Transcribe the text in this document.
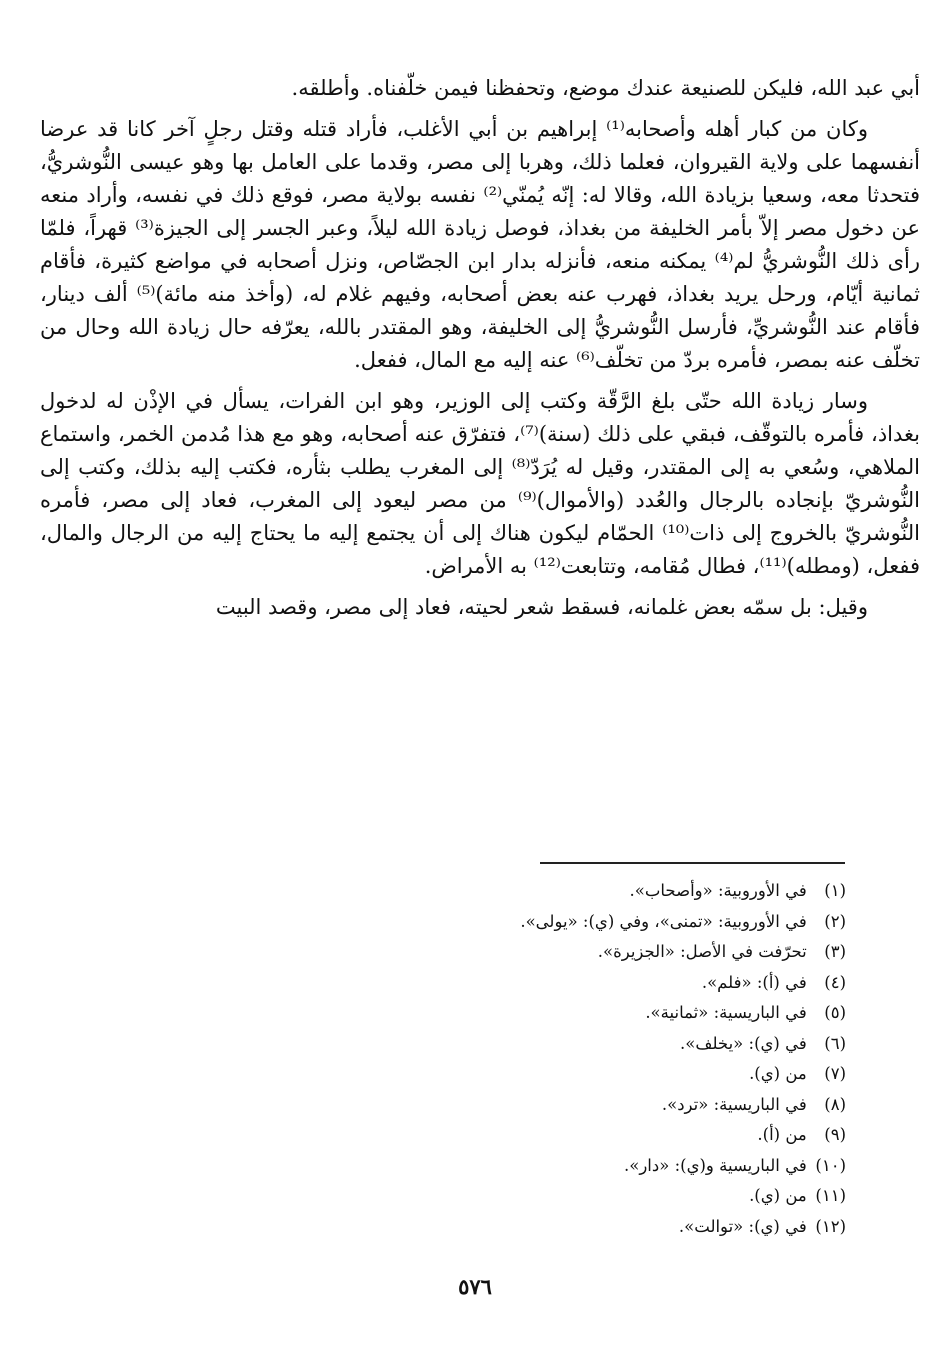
أبي عبد الله، فليكن للصنيعة عندك موضع، وتحفظنا فيمن خلّفناه. وأطلقه.

وكان من كبار أهله وأصحابه⁽¹⁾ إبراهيم بن أبي الأغلب، فأراد قتله وقتل رجلٍ آخر كانا قد عرضا أنفسهما على ولاية القيروان، فعلما ذلك، وهربا إلى مصر، وقدما على العامل بها وهو عيسى النُّوشريُّ، فتحدثا معه، وسعيا بزيادة الله، وقالا له: إنّه يُمنّي⁽²⁾ نفسه بولاية مصر، فوقع ذلك في نفسه، وأراد منعه عن دخول مصر إلاّ بأمر الخليفة من بغداذ، فوصل زيادة الله ليلاً، وعبر الجسر إلى الجيزة⁽³⁾ قهراً، فلمّا رأى ذلك النُّوشريُّ لم⁽⁴⁾ يمكنه منعه، فأنزله بدار ابن الجصّاص، ونزل أصحابه في مواضع كثيرة، فأقام ثمانية أيّام، ورحل يريد بغداذ، فهرب عنه بعض أصحابه، وفيهم غلام له، (وأخذ منه مائة)⁽⁵⁾ ألف دينار، فأقام عند النُّوشريِّ، فأرسل النُّوشريُّ إلى الخليفة، وهو المقتدر بالله، يعرّفه حال زيادة الله وحال من تخلّف عنه بمصر، فأمره بردّ من تخلّف⁽⁶⁾ عنه إليه مع المال، ففعل.

وسار زيادة الله حتّى بلغ الرَّقّة وكتب إلى الوزير، وهو ابن الفرات، يسأل في الإذْن له لدخول بغداذ، فأمره بالتوقّف، فبقي على ذلك (سنة)⁽⁷⁾، فتفرّق عنه أصحابه، وهو مع هذا مُدمن الخمر، واستماع الملاهي، وسُعي به إلى المقتدر، وقيل له يُرَدّ⁽⁸⁾ إلى المغرب يطلب بثأره، فكتب إليه بذلك، وكتب إلى النُّوشريّ بإنجاده بالرجال والعُدد (والأموال)⁽⁹⁾ من مصر ليعود إلى المغرب، فعاد إلى مصر، فأمره النُّوشريّ بالخروج إلى ذات⁽¹⁰⁾ الحمّام ليكون هناك إلى أن يجتمع إليه ما يحتاج إليه من الرجال والمال، ففعل، (ومطله)⁽¹¹⁾، فطال مُقامه، وتتابعت⁽¹²⁾ به الأمراض.

وقيل: بل سمّه بعض غلمانه، فسقط شعر لحيته، فعاد إلى مصر، وقصد البيت

(١) في الأوروبية: «وأصحاب».
(٢) في الأوروبية: «تمنى»، وفي (ي): «يولى».
(٣) تحرّفت في الأصل: «الجزيرة».
(٤) في (أ): «فلم».
(٥) في الباريسية: «ثمانية».
(٦) في (ي): «يخلف».
(٧) من (ي).
(٨) في الباريسية: «ترد».
(٩) من (أ).
(١٠) في الباريسية و(ي): «دار».
(١١) من (ي).
(١٢) في (ي): «توالت».
٥٧٦
